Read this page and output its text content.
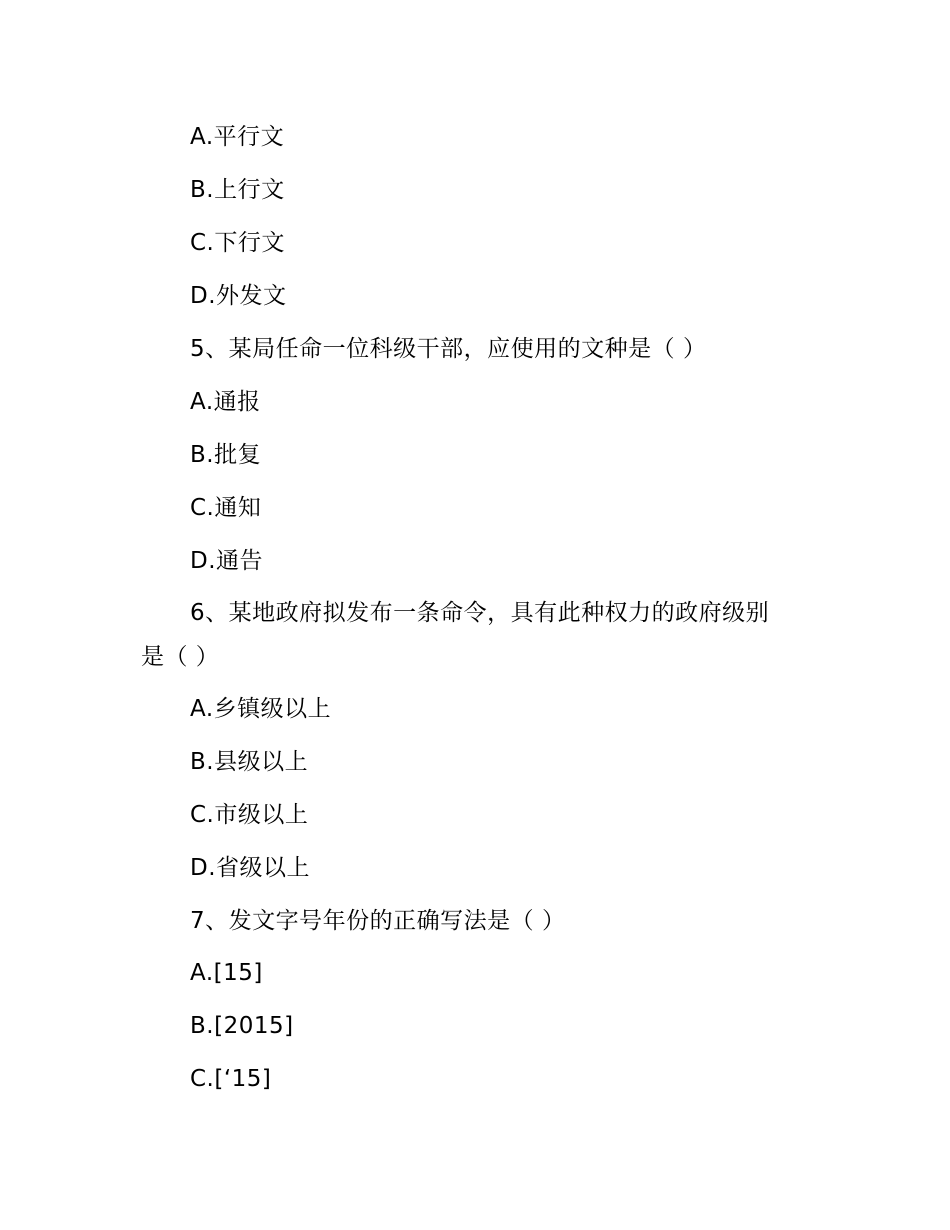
A.平行文
B.上行文
C.下行文
D.外发文
5、某局任命一位科级干部，应使用的文种是（ ）
A.通报
B.批复
C.通知
D.通告
6、某地政府拟发布一条命令，具有此种权力的政府级别
是（ ）
A.乡镇级以上
B.县级以上
C.市级以上
D.省级以上
7、发文字号年份的正确写法是（ ）
A.[15]
B.[2015]
C.[‘15]
